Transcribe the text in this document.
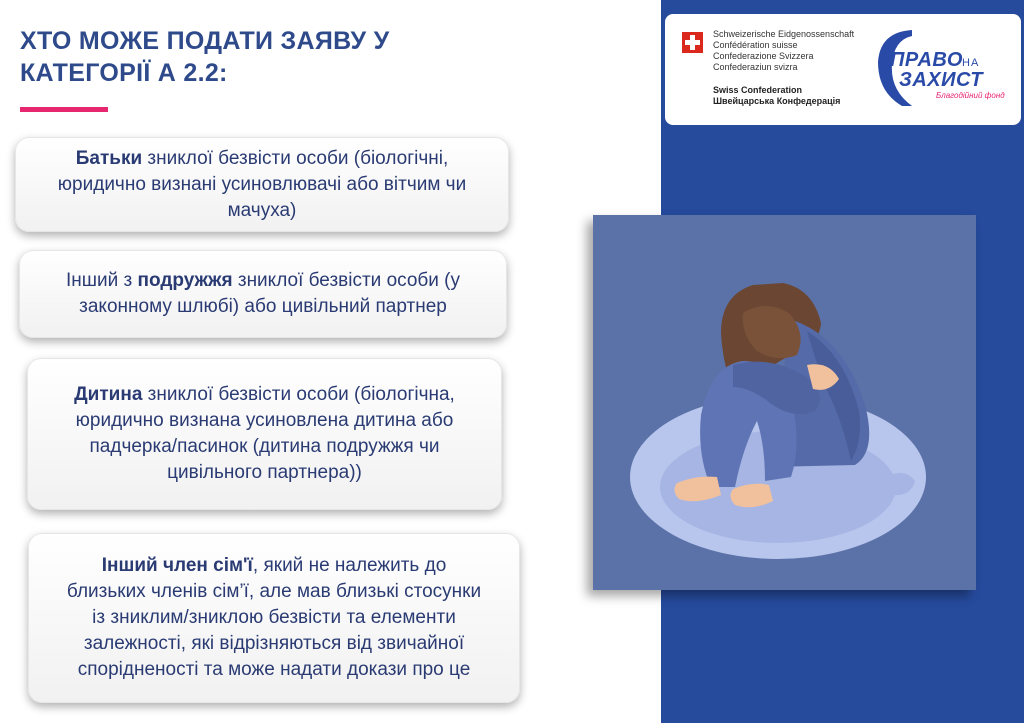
ХТО МОЖЕ ПОДАТИ ЗАЯВУ У
КАТЕГОРІЇ А 2.2:

Батьки зниклої безвісти особи (біологічні, юридично визнані усиновлювачі або вітчим чи мачуха)

Інший з подружжя зниклої безвісти особи (у законному шлюбі) або цивільний партнер

Дитина зниклої безвісти особи (біологічна, юридично визнана усиновлена дитина або падчерка/пасинок (дитина подружжя чи цивільного партнера))

Інший член сім'ї, який не належить до близьких членів сім’ї, але мав близькі стосунки із зниклим/зниклою безвісти та елементи залежності, які відрізняються від звичайної спорідненості та може надати докази про це

Schweizerische Eidgenossenschaft
Confédération suisse
Confederazione Svizzera
Confederaziun svizra
Swiss Confederation
Швейцарська Конфедерація
ПРАВО НА
ЗАХИСТ
Благодійний фонд
